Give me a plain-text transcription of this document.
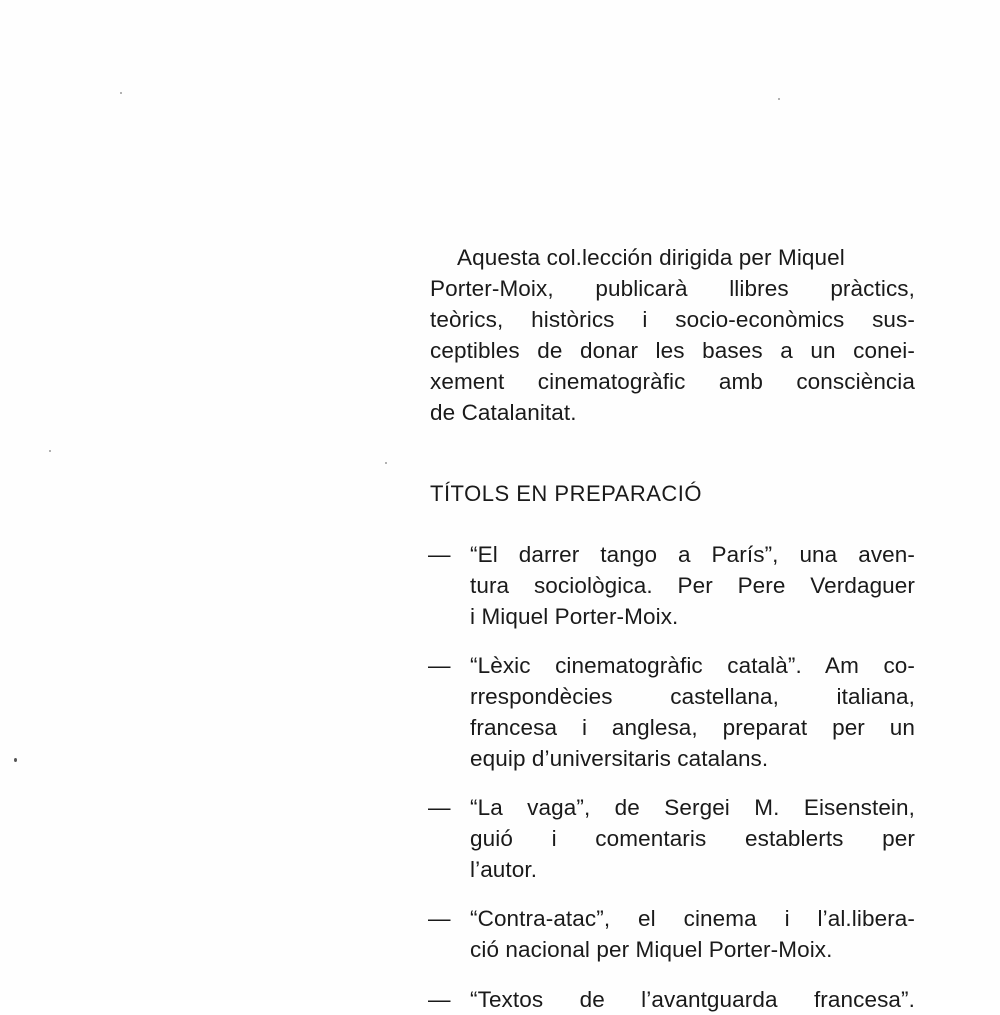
Aquesta col.lección dirigida per Miquel
Porter-Moix, publicarà llibres pràctics,
teòrics, històrics i socio-econòmics sus-
ceptibles de donar les bases a un conei-
xement cinematogràfic amb consciència
de Catalanitat.
TÍTOLS EN PREPARACIÓ
— “El darrer tango a París”, una aven-
tura sociològica. Per Pere Verdaguer
i Miquel Porter-Moix.
— “Lèxic cinematogràfic català”. Am co-
rrespondècies castellana, italiana,
francesa i anglesa, preparat per un
equip d’universitaris catalans.
— “La vaga”, de Sergei M. Eisenstein,
guió i comentaris establerts per
l’autor.
— “Contra-atac”, el cinema i l’al.libera-
ció nacional per Miquel Porter-Moix.
— “Textos de l’avantguarda francesa”.
